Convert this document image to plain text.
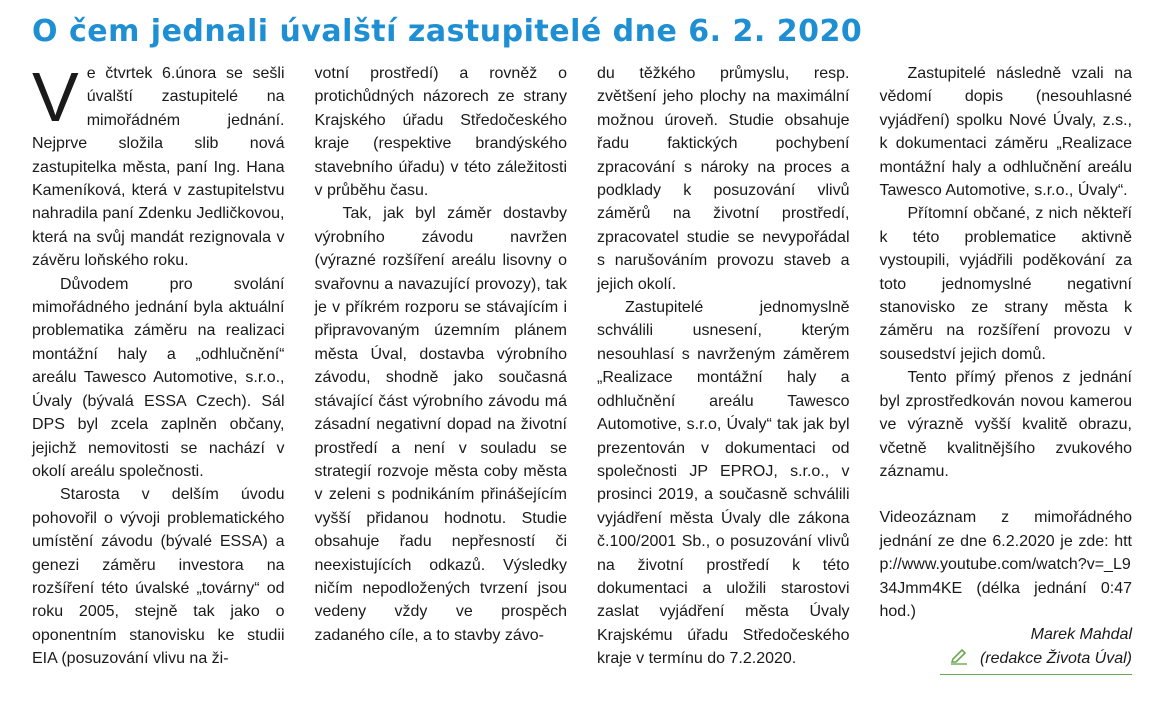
O čem jednali úvalští zastupitelé dne 6. 2. 2020

Ve čtvrtek 6.února se sešli úvalští zastupitelé na mimořádném jednání. Nejprve složila slib nová zastupitelka města, paní Ing. Hana Kameníková, která v zastupitelstvu nahradila paní Zdenku Jedličkovou, která na svůj mandát rezignovala v závěru loňského roku.

Důvodem pro svolání mimořádného jednání byla aktuální problematika záměru na realizaci montážní haly a „odhlučnění“ areálu Tawesco Automotive, s.r.o., Úvaly (bývalá ESSA Czech). Sál DPS byl zcela zaplněn občany, jejichž nemovitosti se nachází v okolí areálu společnosti.

Starosta v delším úvodu pohovořil o vývoji problematického umístění závodu (bývalé ESSA) a genezi záměru investora na rozšíření této úvalské „továrny“ od roku 2005, stejně tak jako o oponentním stanovisku ke studii EIA (posuzování vlivu na ži-

votní prostředí) a rovněž o protichůdných názorech ze strany Krajského úřadu Středočeského kraje (respektive brandýského stavebního úřadu) v této záležitosti v průběhu času.

Tak, jak byl záměr dostavby výrobního závodu navržen (výrazné rozšíření areálu lisovny o svařovnu a navazující provozy), tak je v příkrém rozporu se stávajícím i připravovaným územním plánem města Úval, dostavba výrobního závodu, shodně jako současná stávající část výrobního závodu má zásadní negativní dopad na životní prostředí a není v souladu se strategií rozvoje města coby města v zeleni s podnikáním přinášejícím vyšší přidanou hodnotu. Studie obsahuje řadu nepřesností či neexistujících odkazů. Výsledky ničím nepodložených tvrzení jsou vedeny vždy ve prospěch zadaného cíle, a to stavby závo-

du těžkého průmyslu, resp. zvětšení jeho plochy na maximální možnou úroveň. Studie obsahuje řadu faktických pochybení zpracování s nároky na proces a podklady k posuzování vlivů záměrů na životní prostředí, zpracovatel studie se nevypořádal s narušováním provozu staveb a jejich okolí.

Zastupitelé jednomyslně schválili usnesení, kterým nesouhlasí s navrženým záměrem „Realizace montážní haly a odhlučnění areálu Tawesco Automotive, s.r.o, Úvaly“ tak jak byl prezentován v dokumentaci od společnosti JP EPROJ, s.r.o., v prosinci 2019, a současně schválili vyjádření města Úvaly dle zákona č.100/2001 Sb., o posuzování vlivů na životní prostředí k této dokumentaci a uložili starostovi zaslat vyjádření města Úvaly Krajskému úřadu Středočeského kraje v termínu do 7.2.2020.

Zastupitelé následně vzali na vědomí dopis (nesouhlasné vyjádření) spolku Nové Úvaly, z.s., k dokumentaci záměru „Realizace montážní haly a odhlučnění areálu Tawesco Automotive, s.r.o., Úvaly“.

Přítomní občané, z nich někteří k této problematice aktivně vystoupili, vyjádřili poděkování za toto jednomyslné negativní stanovisko ze strany města k záměru na rozšíření provozu v sousedství jejich domů.

Tento přímý přenos z jednání byl zprostředkován novou kamerou ve výrazně vyšší kvalitě obrazu, včetně kvalitnějšího zvukového záznamu.

Videozáznam z mimořádného jednání ze dne 6.2.2020 je zde: http://www.youtube.com/watch?v=_L934Jmm4KE (délka jednání 0:47 hod.)

Marek Mahdal
(redakce Života Úval)
